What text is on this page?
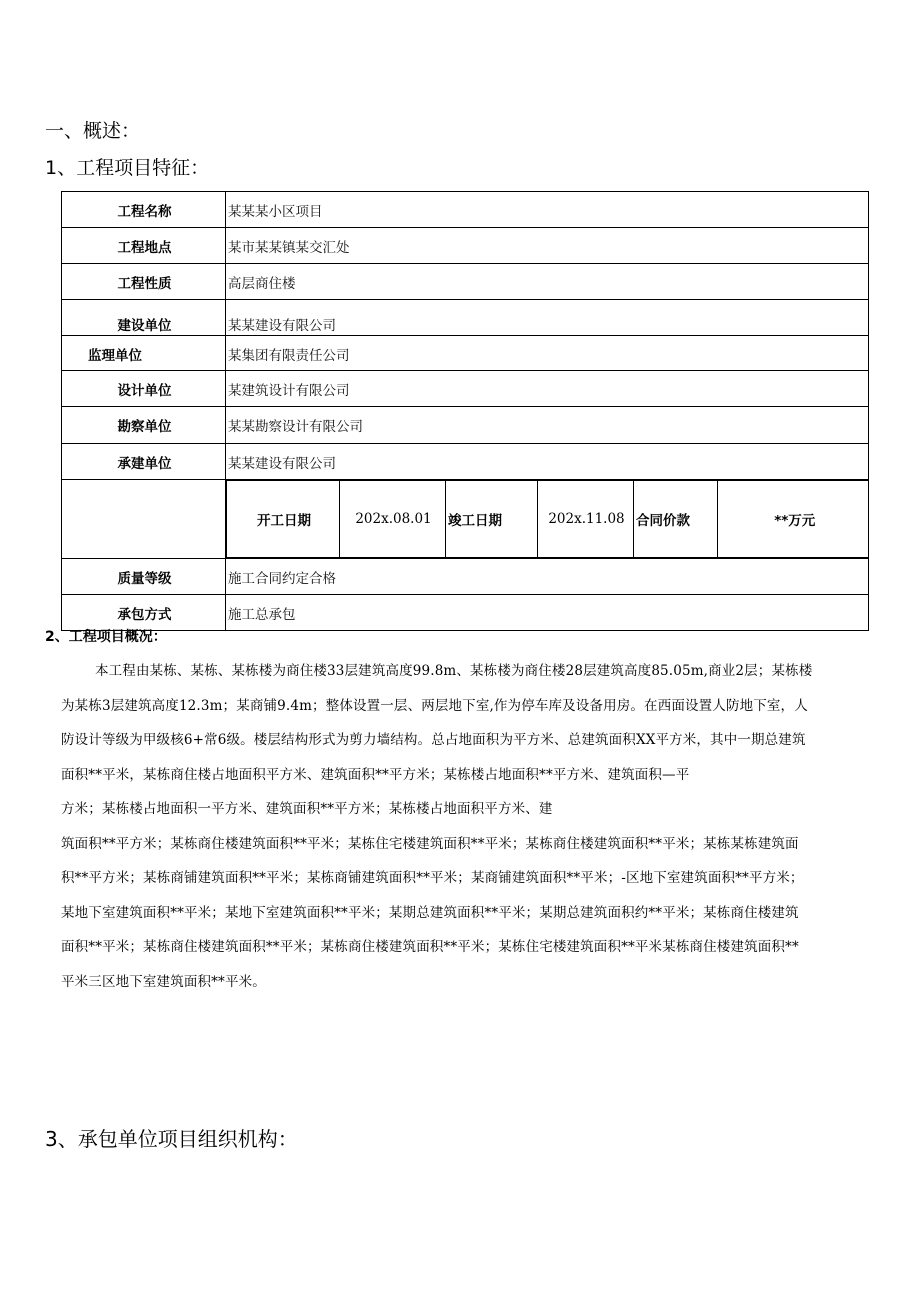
一、概述：
1、工程项目特征：
工程名称	某某某小区项目
工程地点	某市某某镇某交汇处
工程性质	高层商住楼
建设单位	某某建设有限公司
监理单位	某集团有限责任公司
设计单位	某建筑设计有限公司
勘察单位	某某勘察设计有限公司
承建单位	某某建设有限公司

开工日期	202x.08.01	竣工日期	202x.11.08	合同价款	**万元

质量等级	施工合同约定合格
承包方式	施工总承包
2、工程项目概况：

本工程由某栋、某栋、某栋楼为商住楼33层建筑高度99.8m、某栋楼为商住楼28层建筑高度85.05m,商业2层；某栋楼

为某栋3层建筑高度12.3m；某商铺9.4m；整体设置一层、两层地下室,作为停车库及设备用房。在西面设置人防地下室，人

防设计等级为甲级核6+常6级。楼层结构形式为剪力墙结构。总占地面积为平方米、总建筑面积XX平方米，其中一期总建筑

面积**平米，某栋商住楼占地面积平方米、建筑面积**平方米；某栋楼占地面积**平方米、建筑面积—平

方米；某栋楼占地面积一平方米、建筑面积**平方米；某栋楼占地面积平方米、建

筑面积**平方米；某栋商住楼建筑面积**平米；某栋住宅楼建筑面积**平米；某栋商住楼建筑面积**平米；某栋某栋建筑面

积**平方米；某栋商铺建筑面积**平米；某栋商铺建筑面积**平米；某商铺建筑面积**平米；-区地下室建筑面积**平方米；

某地下室建筑面积**平米；某地下室建筑面积**平米；某期总建筑面积**平米；某期总建筑面积约**平米；某栋商住楼建筑

面积**平米；某栋商住楼建筑面积**平米；某栋商住楼建筑面积**平米；某栋住宅楼建筑面积**平米某栋商住楼建筑面积**

平米三区地下室建筑面积**平米。

3、承包单位项目组织机构：
